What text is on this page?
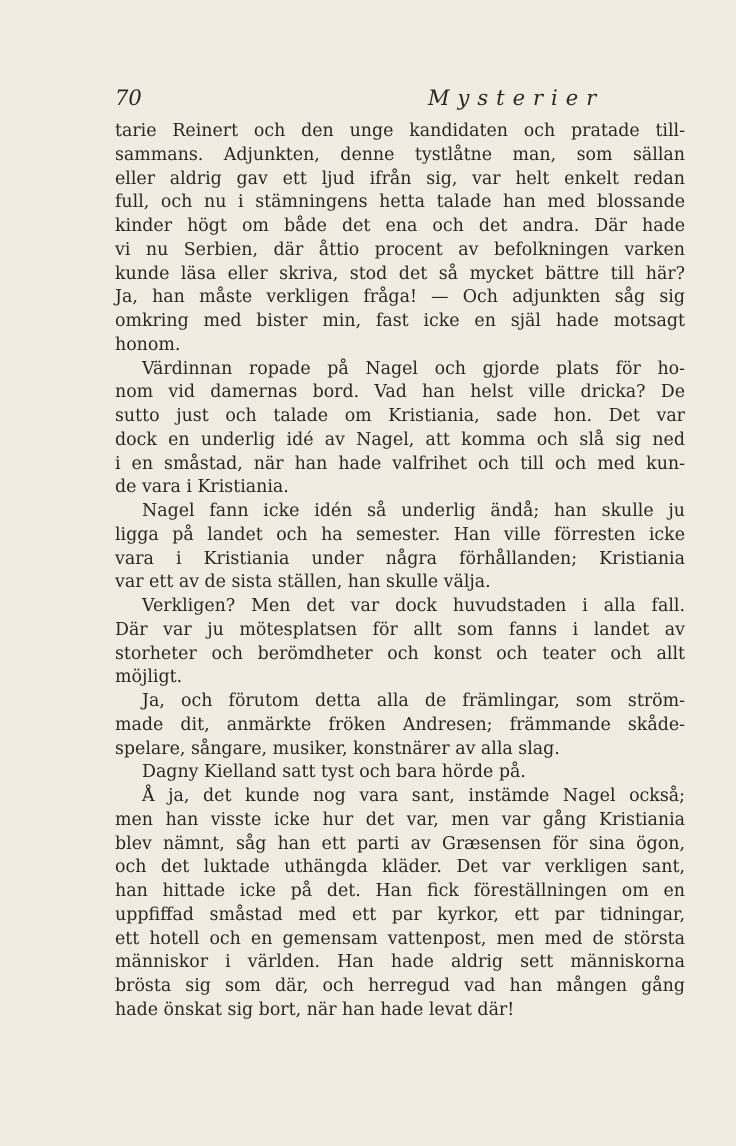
70	Mysterier
tarie Reinert och den unge kandidaten och pratade till-
sammans. Adjunkten, denne tystlåtne man, som sällan
eller aldrig gav ett ljud ifrån sig, var helt enkelt redan
full, och nu i stämningens hetta talade han med blossande
kinder högt om både det ena och det andra. Där hade
vi nu Serbien, där åttio procent av befolkningen varken
kunde läsa eller skriva, stod det så mycket bättre till här?
Ja, han måste verkligen fråga! — Och adjunkten såg sig
omkring med bister min, fast icke en själ hade motsagt
honom.
Värdinnan ropade på Nagel och gjorde plats för ho-
nom vid damernas bord. Vad han helst ville dricka? De
sutto just och talade om Kristiania, sade hon. Det var
dock en underlig idé av Nagel, att komma och slå sig ned
i en småstad, när han hade valfrihet och till och med kun-
de vara i Kristiania.
Nagel fann icke idén så underlig ändå; han skulle ju
ligga på landet och ha semester. Han ville förresten icke
vara i Kristiania under några förhållanden; Kristiania
var ett av de sista ställen, han skulle välja.
Verkligen? Men det var dock huvudstaden i alla fall.
Där var ju mötesplatsen för allt som fanns i landet av
storheter och berömdheter och konst och teater och allt
möjligt.
Ja, och förutom detta alla de främlingar, som ström-
made dit, anmärkte fröken Andresen; främmande skåde-
spelare, sångare, musiker, konstnärer av alla slag.
Dagny Kielland satt tyst och bara hörde på.
Å ja, det kunde nog vara sant, instämde Nagel också;
men han visste icke hur det var, men var gång Kristiania
blev nämnt, såg han ett parti av Græsensen för sina ögon,
och det luktade uthängda kläder. Det var verkligen sant,
han hittade icke på det. Han fick föreställningen om en
uppfiffad småstad med ett par kyrkor, ett par tidningar,
ett hotell och en gemensam vattenpost, men med de största
människor i världen. Han hade aldrig sett människorna
brösta sig som där, och herregud vad han mången gång
hade önskat sig bort, när han hade levat där!
